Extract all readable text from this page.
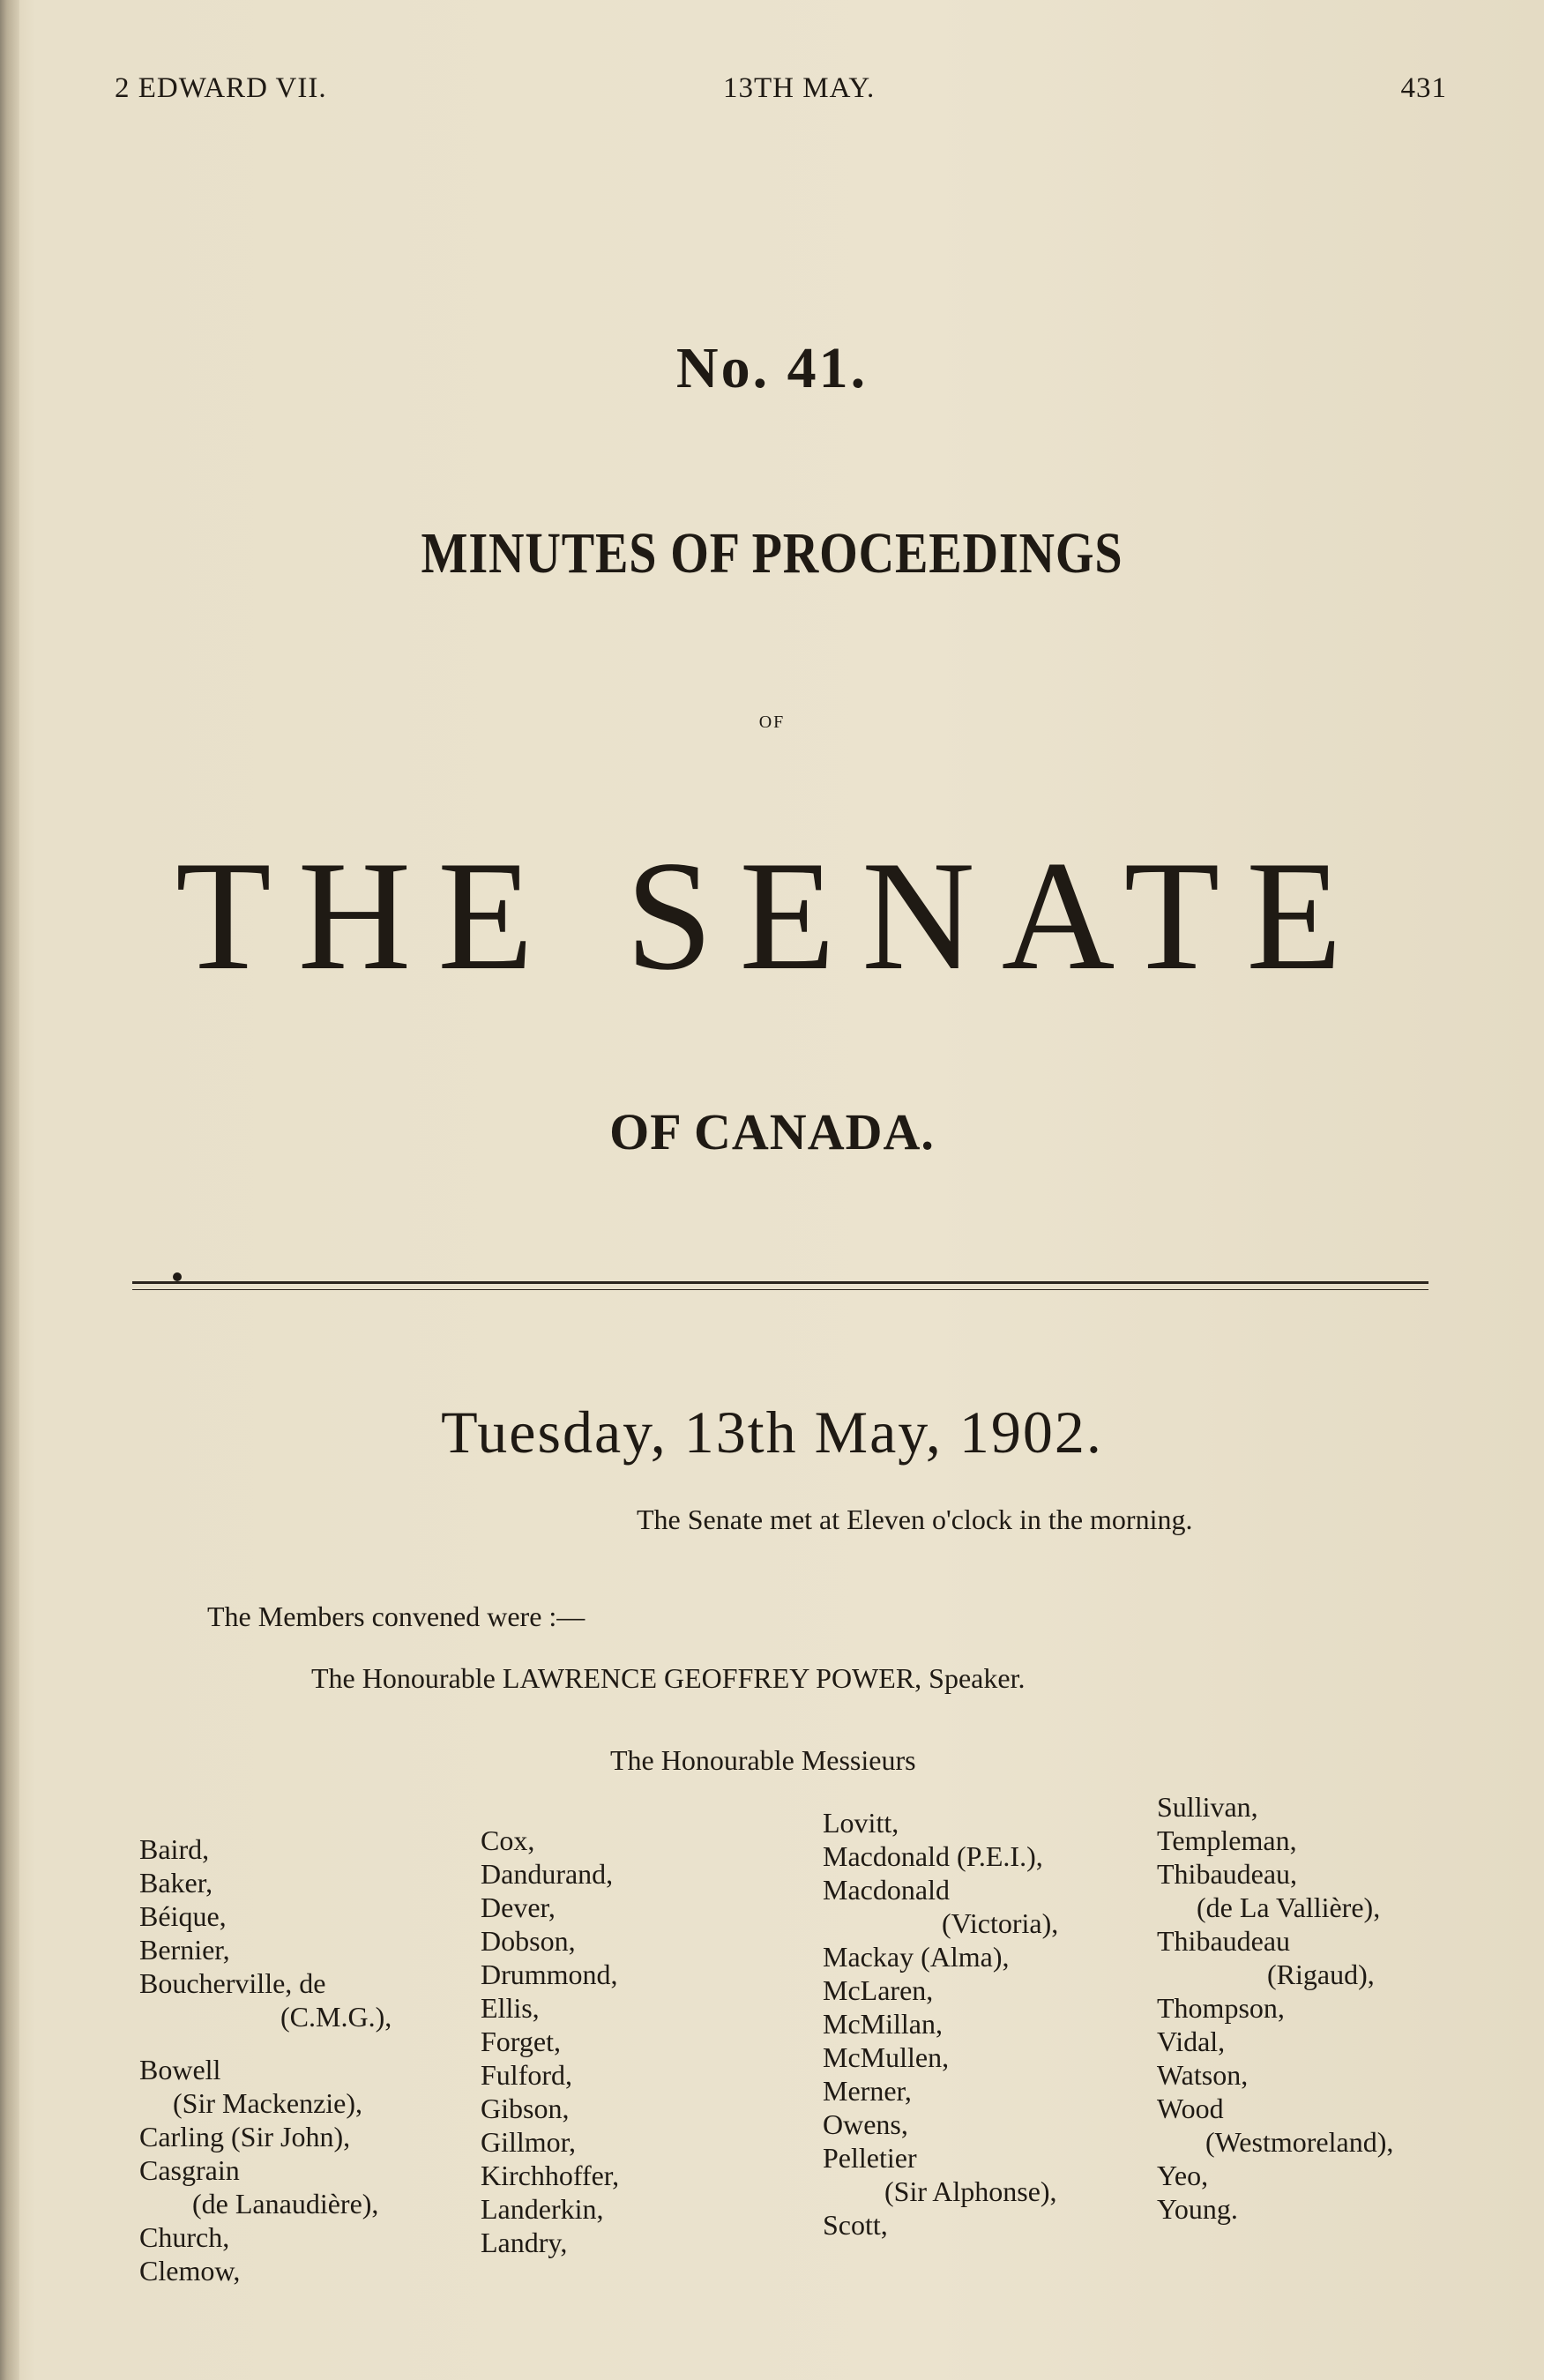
2 EDWARD VII.	13TH MAY.	431
No. 41.
MINUTES OF PROCEEDINGS
OF
THE SENATE
OF CANADA.
Tuesday, 13th May, 1902.
The Senate met at Eleven o'clock in the morning.
The Members convened were :—
The Honourable LAWRENCE GEOFFREY POWER, Speaker.
The Honourable Messieurs
Baird,
Baker,
Béique,
Bernier,
Boucherville, de
(C.M.G.),
Bowell
(Sir Mackenzie),
Carling (Sir John),
Casgrain
(de Lanaudière),
Church,
Clemow,
Cox,
Dandurand,
Dever,
Dobson,
Drummond,
Ellis,
Forget,
Fulford,
Gibson,
Gillmor,
Kirchhoffer,
Landerkin,
Landry,
Lovitt,
Macdonald (P.E.I.),
Macdonald
(Victoria),
Mackay (Alma),
McLaren,
McMillan,
McMullen,
Merner,
Owens,
Pelletier
(Sir Alphonse),
Scott,
Sullivan,
Templeman,
Thibaudeau,
(de La Vallière),
Thibaudeau
(Rigaud),
Thompson,
Vidal,
Watson,
Wood
(Westmoreland),
Yeo,
Young.
